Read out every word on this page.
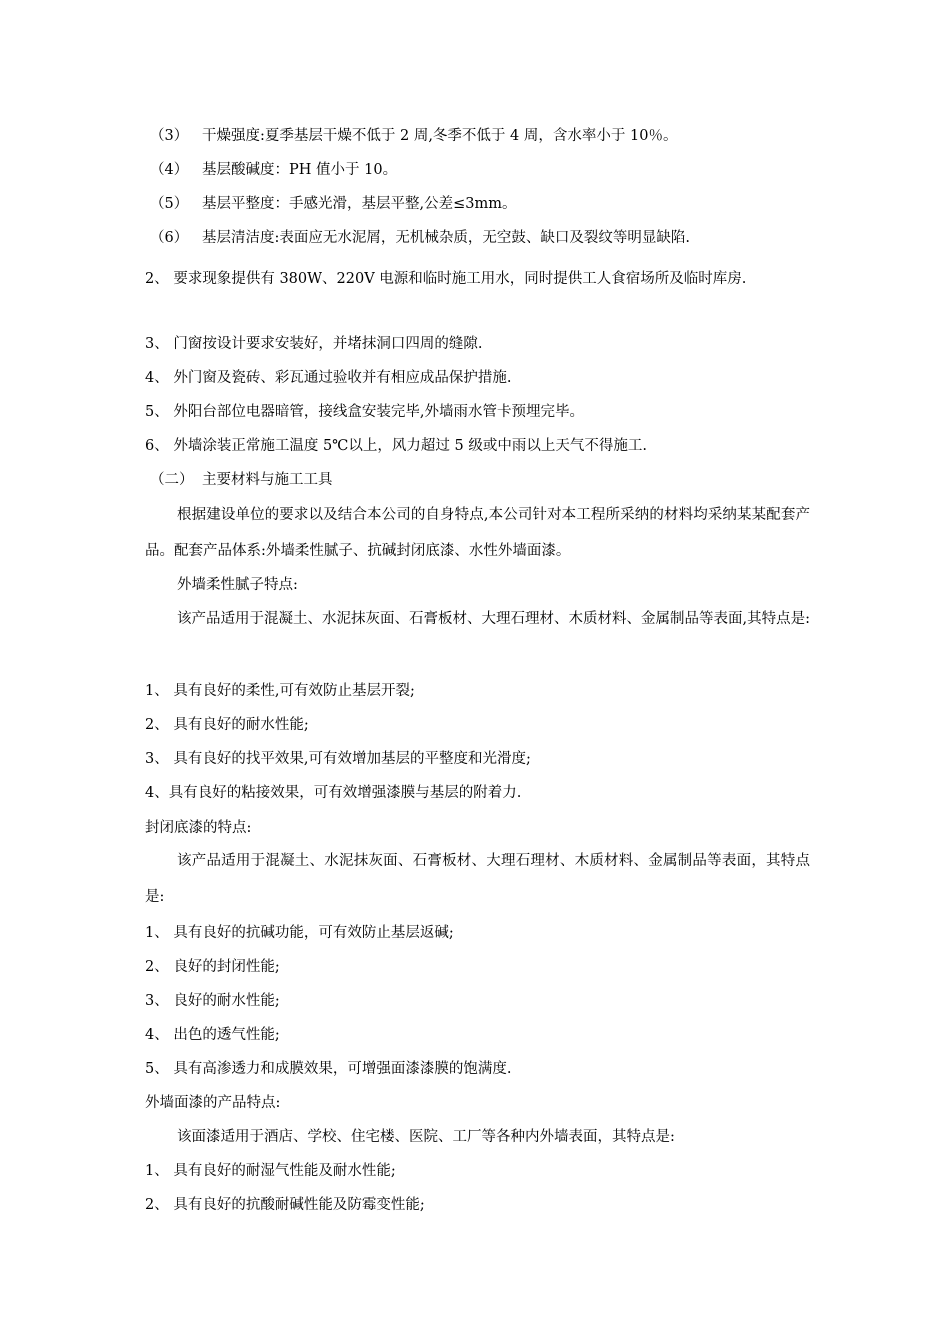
（3） 干燥强度:夏季基层干燥不低于 2 周,冬季不低于 4 周，含水率小于 10％。
（4） 基层酸碱度：PH 值小于 10。
（5） 基层平整度：手感光滑，基层平整,公差≤3mm。
（6） 基层清洁度:表面应无水泥屑，无机械杂质，无空鼓、缺口及裂纹等明显缺陷.
2、 要求现象提供有 380W、220V 电源和临时施工用水，同时提供工人食宿场所及临时库房.
3、 门窗按设计要求安装好，并堵抹洞口四周的缝隙.
4、 外门窗及瓷砖、彩瓦通过验收并有相应成品保护措施.
5、 外阳台部位电器暗管，接线盒安装完毕,外墙雨水管卡预埋完毕。
6、 外墙涂装正常施工温度 5℃以上，风力超过 5 级或中雨以上天气不得施工.
（二） 主要材料与施工工具
根据建设单位的要求以及结合本公司的自身特点,本公司针对本工程所采纳的材料均采纳某某配套产品。配套产品体系:外墙柔性腻子、抗碱封闭底漆、水性外墙面漆。
外墙柔性腻子特点:
该产品适用于混凝土、水泥抹灰面、石膏板材、大理石理材、木质材料、金属制品等表面,其特点是:
1、 具有良好的柔性,可有效防止基层开裂;
2、 具有良好的耐水性能;
3、 具有良好的找平效果,可有效增加基层的平整度和光滑度;
4、具有良好的粘接效果，可有效增强漆膜与基层的附着力.
封闭底漆的特点:
该产品适用于混凝土、水泥抹灰面、石膏板材、大理石理材、木质材料、金属制品等表面，其特点是:
1、 具有良好的抗碱功能，可有效防止基层返碱;
2、 良好的封闭性能;
3、 良好的耐水性能;
4、 出色的透气性能;
5、 具有高渗透力和成膜效果，可增强面漆漆膜的饱满度.
外墙面漆的产品特点:
该面漆适用于酒店、学校、住宅楼、医院、工厂等各种内外墙表面，其特点是:
1、 具有良好的耐湿气性能及耐水性能;
2、 具有良好的抗酸耐碱性能及防霉变性能;
